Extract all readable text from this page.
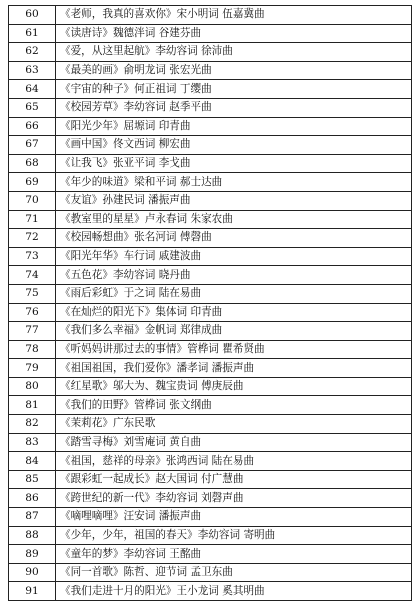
60	《老师，我真的喜欢你》宋小明词 伍嘉冀曲
61	《读唐诗》魏德泮词 谷建芬曲
62	《爱，从这里起航》李幼容词 徐沛曲
63	《最美的画》俞明龙词 张宏光曲
64	《宇宙的种子》何正祖词 丁缨曲
65	《校园芳草》李幼容词 赵季平曲
66	《阳光少年》屈塬词 印青曲
67	《画中国》佟文西词 柳宏曲
68	《让我飞》张亚平词 李戈曲
69	《年少的味道》梁和平词 郝士达曲
70	《友谊》孙建民词 潘振声曲
71	《教室里的星星》卢永春词 朱家农曲
72	《校园畅想曲》张名河词 傅磬曲
73	《阳光年华》车行词 戚建波曲
74	《五色花》李幼容词 晓丹曲
75	《雨后彩虹》于之词 陆在易曲
76	《在灿烂的阳光下》集体词 印青曲
77	《我们多么幸福》金帆词 郑律成曲
78	《听妈妈讲那过去的事情》管桦词 瞿希贤曲
79	《祖国祖国，我们爱你》潘孝词 潘振声曲
80	《红星歌》邬大为、魏宝贵词 傅庚辰曲
81	《我们的田野》管桦词 张文纲曲
82	《茉莉花》广东民歌
83	《踏雪寻梅》刘雪庵词 黄自曲
84	《祖国，慈祥的母亲》张鸿西词 陆在易曲
85	《跟彩虹一起成长》赵大国词 付广慧曲
86	《跨世纪的新一代》李幼容词 刘磬声曲
87	《嘀哩嘀哩》汪安词 潘振声曲
88	《少年，少年，祖国的春天》李幼容词 寄明曲
89	《童年的梦》李幼容词 王酩曲
90	《同一首歌》陈哲、迎节词 孟卫东曲
91	《我们走进十月的阳光》王小龙词 奚其明曲
